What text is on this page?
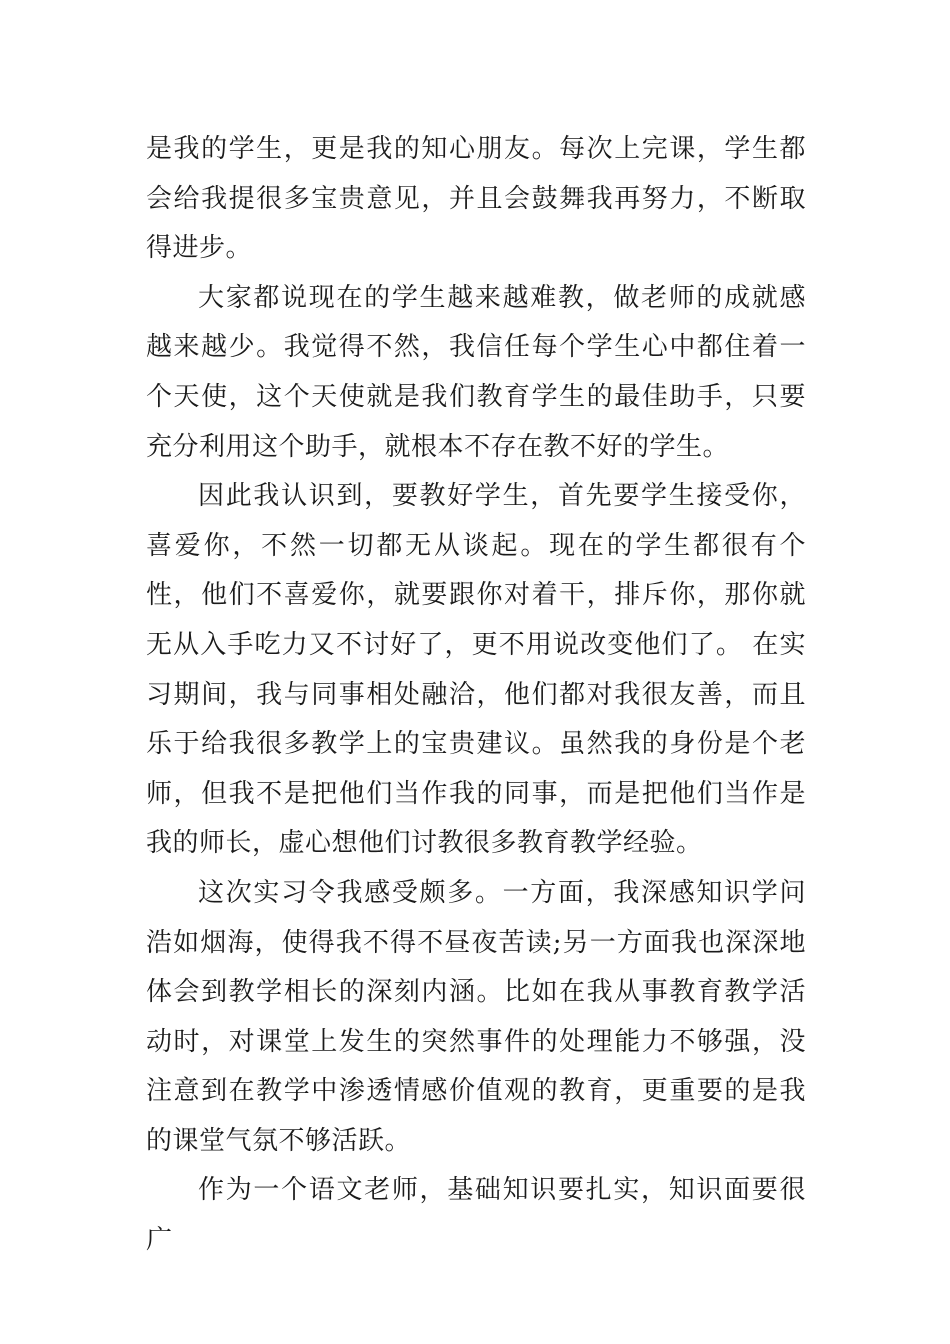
是我的学生，更是我的知心朋友。每次上完课，学生都会给我提很多宝贵意见，并且会鼓舞我再努力，不断取得进步。

大家都说现在的学生越来越难教，做老师的成就感越来越少。我觉得不然，我信任每个学生心中都住着一个天使，这个天使就是我们教育学生的最佳助手，只要充分利用这个助手，就根本不存在教不好的学生。

因此我认识到，要教好学生，首先要学生接受你，喜爱你，不然一切都无从谈起。现在的学生都很有个性，他们不喜爱你，就要跟你对着干，排斥你，那你就无从入手吃力又不讨好了，更不用说改变他们了。 在实习期间，我与同事相处融洽，他们都对我很友善，而且乐于给我很多教学上的宝贵建议。虽然我的身份是个老师，但我不是把他们当作我的同事，而是把他们当作是我的师长，虚心想他们讨教很多教育教学经验。

这次实习令我感受颇多。一方面，我深感知识学问浩如烟海，使得我不得不昼夜苦读;另一方面我也深深地体会到教学相长的深刻内涵。比如在我从事教育教学活动时，对课堂上发生的突然事件的处理能力不够强，没注意到在教学中渗透情感价值观的教育，更重要的是我的课堂气氛不够活跃。

作为一个语文老师，基础知识要扎实，知识面要很广
